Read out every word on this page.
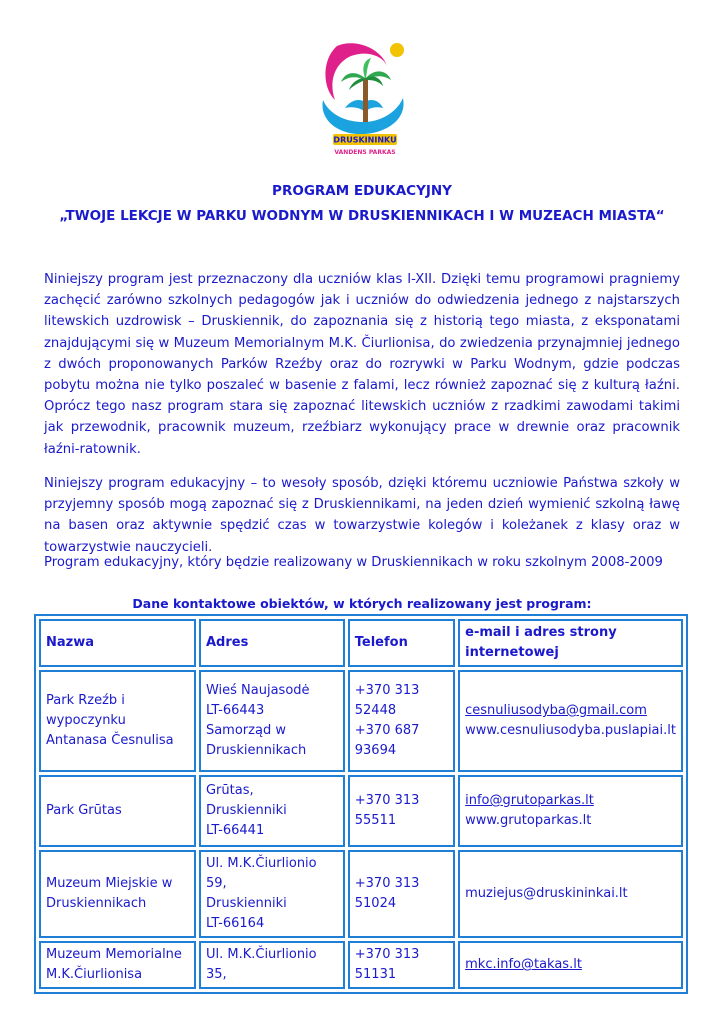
DRUSKININKU
VANDENS PARKAS
PROGRAM EDUKACYJNY
„TWOJE LEKCJE W PARKU WODNYM W DRUSKIENNIKACH I W MUZEACH MIASTA“
Niniejszy program jest przeznaczony dla uczniów klas I-XII. Dzięki temu programowi pragniemy zachęcić zarówno szkolnych pedagogów jak i uczniów do odwiedzenia jednego z najstarszych litewskich uzdrowisk – Druskiennik, do zapoznania się z historią tego miasta, z eksponatami znajdującymi się w Muzeum Memorialnym M.K. Čiurlionisa, do zwiedzenia przynajmniej jednego z dwóch proponowanych Parków Rzeźby oraz do rozrywki w Parku Wodnym, gdzie podczas pobytu można nie tylko poszaleć w basenie z falami, lecz również zapoznać się z kulturą łaźni. Oprócz tego nasz program stara się zapoznać litewskich uczniów z rzadkimi zawodami takimi jak przewodnik, pracownik muzeum, rzeźbiarz wykonujący prace w drewnie oraz pracownik łaźni-ratownik.
Niniejszy program edukacyjny – to wesoły sposób, dzięki któremu uczniowie Państwa szkoły w przyjemny sposób mogą zapoznać się z Druskiennikami, na jeden dzień wymienić szkolną ławę na basen oraz aktywnie spędzić czas w towarzystwie kolegów i koleżanek z klasy oraz w towarzystwie nauczycieli.
Program edukacyjny, który będzie realizowany w Druskiennikach w roku szkolnym 2008-2009
Dane kontaktowe obiektów, w których realizowany jest program:
Nazwa	Adres	Telefon	e-mail i adres strony internetowej
Park Rzeźb i wypoczynku Antanasa Česnulisa	Wieś Naujasodė
LT-66443
Samorząd w
Druskiennikach	+370 313
52448
+370 687
93694	cesnuliusodyba@gmail.com
www.cesnuliusodyba.puslapiai.lt
Park Grūtas	Grūtas,
Druskienniki
LT-66441	+370 313
55511	info@grutoparkas.lt
www.grutoparkas.lt
Muzeum Miejskie w Druskiennikach	Ul. M.K.Čiurlionio
59,
Druskienniki
LT-66164	+370 313
51024	muziejus@druskininkai.lt
Muzeum Memorialne M.K.Čiurlionisa	Ul. M.K.Čiurlionio
35,	+370 313
51131	mkc.info@takas.lt
